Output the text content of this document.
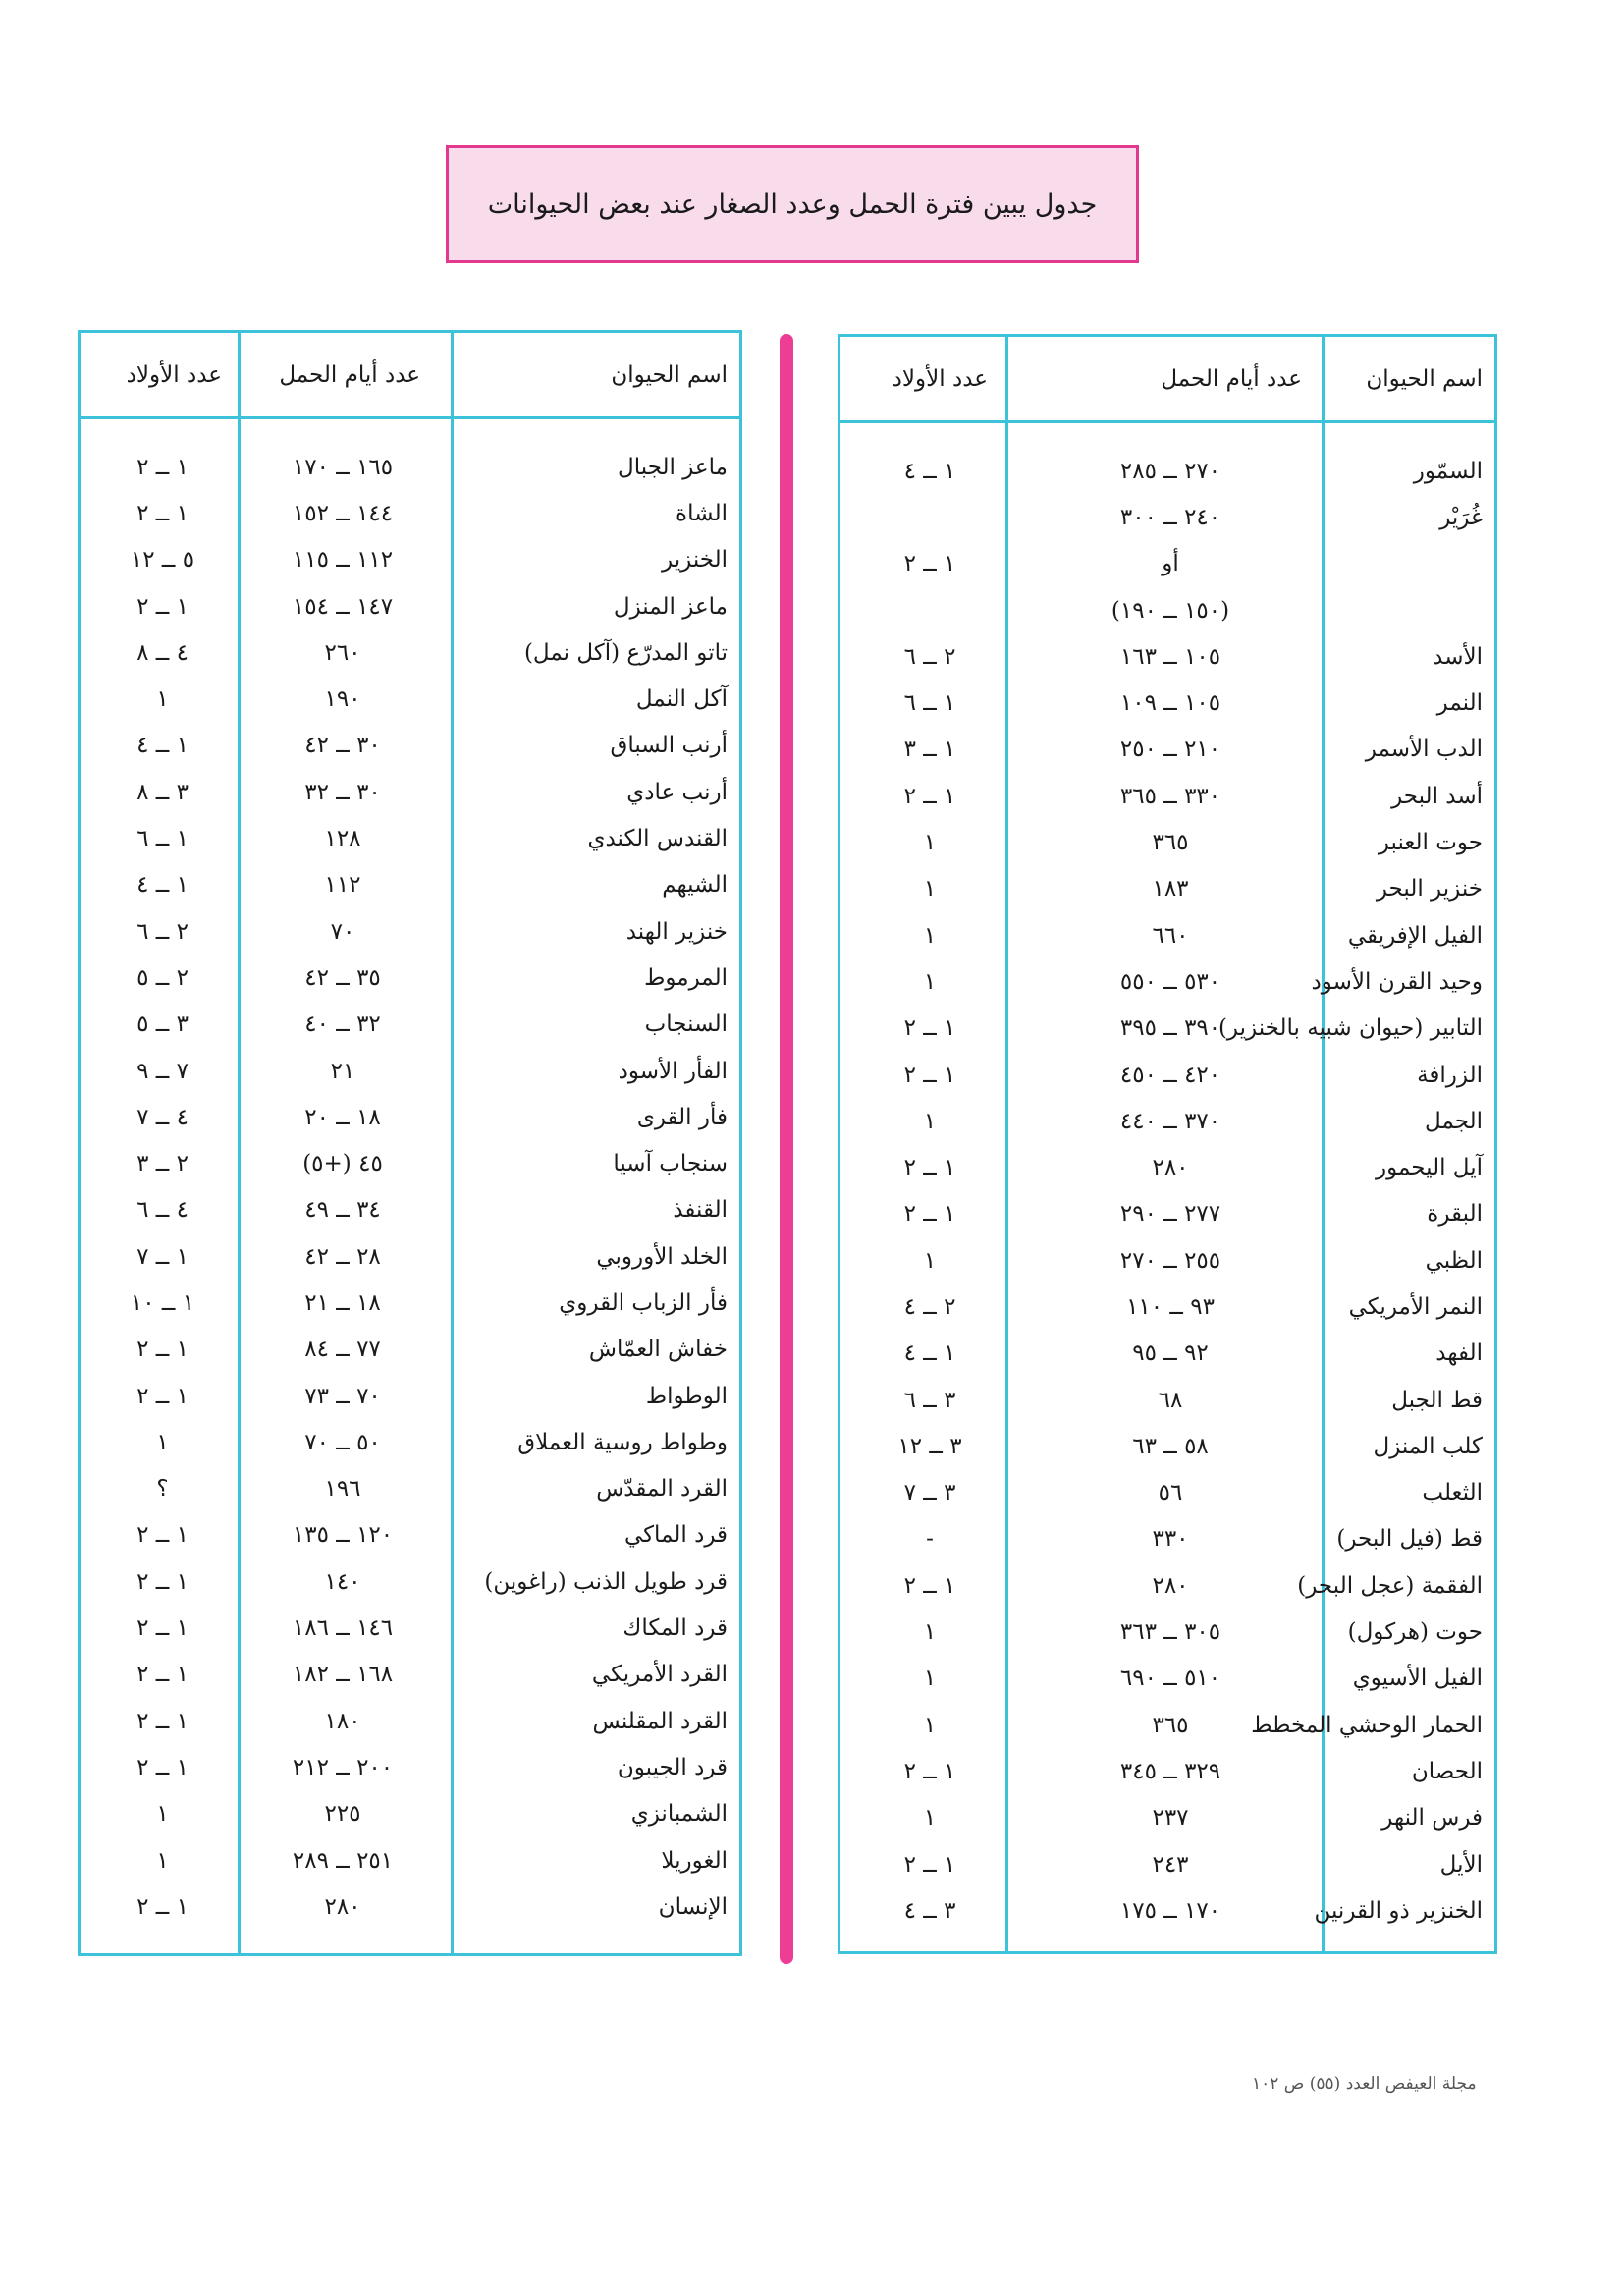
جدول يبين فترة الحمل وعدد الصغار عند بعض الحيوانات
اسم الحيوان
عدد أيام الحمل
عدد الأولاد
السمّور
٢٧٠ ــ ٢٨٥
١ ــ ٤
غُرَيْر
٢٤٠ ــ ٣٠٠
أو
١ ــ ٢
(١٥٠ ــ ١٩٠)
الأسد
١٠٥ ــ ١٦٣
٢ ــ ٦
النمر
١٠٥ ــ ١٠٩
١ ــ ٦
الدب الأسمر
٢١٠ ــ ٢٥٠
١ ــ ٣
أسد البحر
٣٣٠ ــ ٣٦٥
١ ــ ٢
حوت العنبر
٣٦٥
١
خنزير البحر
١٨٣
١
الفيل الإفريقي
٦٦٠
١
وحيد القرن الأسود
٥٣٠ ــ ٥٥٠
١
التابير (حيوان شبيه بالخنزير)
٣٩٠ ــ ٣٩٥
١ ــ ٢
الزرافة
٤٢٠ ــ ٤٥٠
١ ــ ٢
الجمل
٣٧٠ ــ ٤٤٠
١
آيل اليحمور
٢٨٠
١ ــ ٢
البقرة
٢٧٧ ــ ٢٩٠
١ ــ ٢
الظبي
٢٥٥ ــ ٢٧٠
١
النمر الأمريكي
٩٣ ــ ١١٠
٢ ــ ٤
الفهد
٩٢ ــ ٩٥
١ ــ ٤
قط الجبل
٦٨
٣ ــ ٦
كلب المنزل
٥٨ ــ ٦٣
٣ ــ ١٢
الثعلب
٥٦
٣ ــ ٧
قط (فيل البحر)
٣٣٠
-
الفقمة (عجل البحر)
٢٨٠
١ ــ ٢
حوت (هركول)
٣٠٥ ــ ٣٦٣
١
الفيل الأسيوي
٥١٠ ــ ٦٩٠
١
الحمار الوحشي المخطط
٣٦٥
١
الحصان
٣٢٩ ــ ٣٤٥
١ ــ ٢
فرس النهر
٢٣٧
١
الأيل
٢٤٣
١ ــ ٢
الخنزير ذو القرنين
١٧٠ ــ ١٧٥
٣ ــ ٤
اسم الحيوان
عدد أيام الحمل
عدد الأولاد
ماعز الجبال
١٦٥ ــ ١٧٠
١ ــ ٢
الشاة
١٤٤ ــ ١٥٢
١ ــ ٢
الخنزير
١١٢ ــ ١١٥
٥ ــ ١٢
ماعز المنزل
١٤٧ ــ ١٥٤
١ ــ ٢
تاتو المدرّع (آكل نمل)
٢٦٠
٤ ــ ٨
آكل النمل
١٩٠
١
أرنب السباق
٣٠ ــ ٤٢
١ ــ ٤
أرنب عادي
٣٠ ــ ٣٢
٣ ــ ٨
القندس الكندي
١٢٨
١ ــ ٦
الشيهم
١١٢
١ ــ ٤
خنزير الهند
٧٠
٢ ــ ٦
المرموط
٣٥ ــ ٤٢
٢ ــ ٥
السنجاب
٣٢ ــ ٤٠
٣ ــ ٥
الفأر الأسود
٢١
٧ ــ ٩
فأر القرى
١٨ ــ ٢٠
٤ ــ ٧
سنجاب آسيا
٤٥ (+٥)
٢ ــ ٣
القنفذ
٣٤ ــ ٤٩
٤ ــ ٦
الخلد الأوروبي
٢٨ ــ ٤٢
١ ــ ٧
فأر الزباب القروي
١٨ ــ ٢١
١ ــ ١٠
خفاش العمّاش
٧٧ ــ ٨٤
١ ــ ٢
الوطواط
٧٠ ــ ٧٣
١ ــ ٢
وطواط روسية العملاق
٥٠ ــ ٧٠
١
القرد المقدّس
١٩٦
؟
قرد الماكي
١٢٠ ــ ١٣٥
١ ــ ٢
قرد طويل الذنب (راغوين)
١٤٠
١ ــ ٢
قرد المكاك
١٤٦ ــ ١٨٦
١ ــ ٢
القرد الأمريكي
١٦٨ ــ ١٨٢
١ ــ ٢
القرد المقلنس
١٨٠
١ ــ ٢
قرد الجيبون
٢٠٠ ــ ٢١٢
١ ــ ٢
الشمبانزي
٢٢٥
١
الغوريلا
٢٥١ ــ ٢٨٩
١
الإنسان
٢٨٠
١ ــ ٢
مجلة العيفص العدد (٥٥) ص ١٠٢
